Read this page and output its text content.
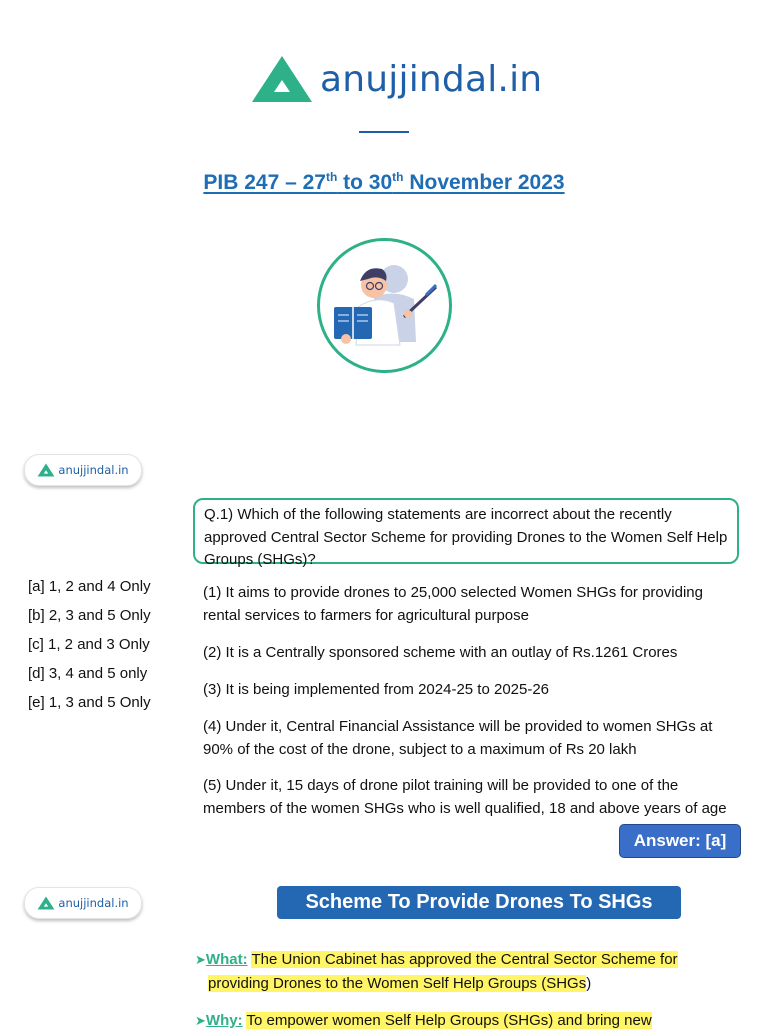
anujjindal.in
PIB 247 – 27th to 30th November 2023
anujjindal.in
Q.1) Which of the following statements are incorrect about the recently approved Central Sector Scheme for providing Drones to the Women Self Help Groups (SHGs)?
[a] 1, 2 and 4 Only
[b] 2, 3 and 5 Only
[c] 1, 2 and 3 Only
[d] 3, 4 and 5 only
[e] 1, 3 and 5 Only
(1) It aims to provide drones to 25,000 selected Women SHGs for providing rental services to farmers for agricultural purpose
(2) It is a Centrally sponsored scheme with an outlay of Rs.1261 Crores
(3) It is being implemented from 2024-25 to 2025-26
(4) Under it, Central Financial Assistance will be provided to women SHGs at 90% of the cost of the drone, subject to a maximum of Rs 20 lakh
(5) Under it, 15 days of drone pilot training will be provided to one of the members of the women SHGs who is well qualified, 18 and above years of age
Answer: [a]
anujjindal.in	Scheme To Provide Drones To SHGs
➤What: The Union Cabinet has approved the Central Sector Scheme for
providing Drones to the Women Self Help Groups (SHGs)
➤Why: To empower women Self Help Groups (SHGs) and bring new
